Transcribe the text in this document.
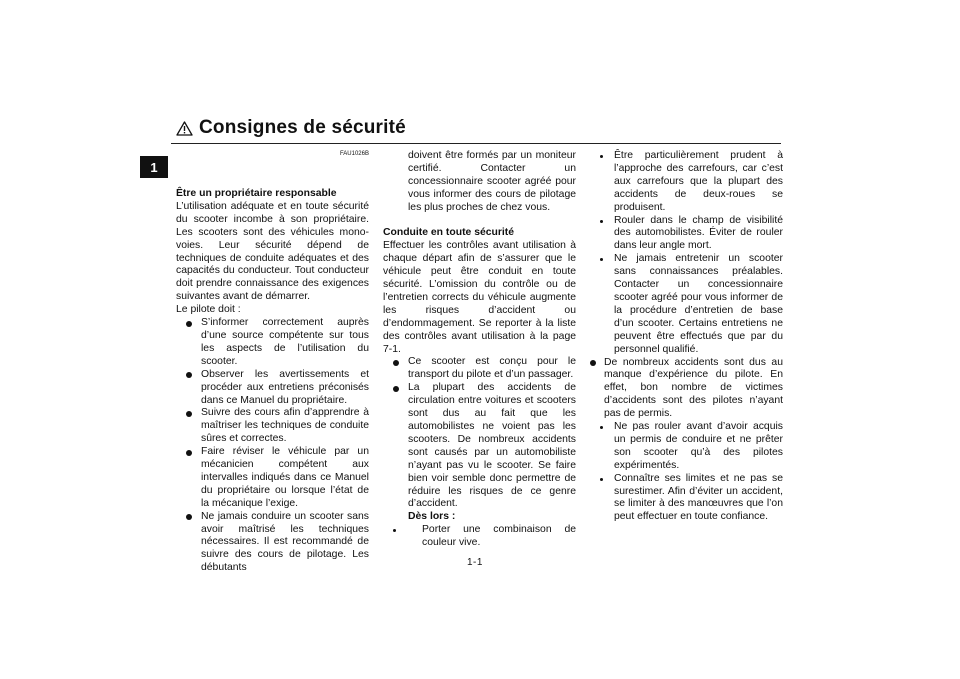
Consignes de sécurité
1
FAU1026B

Être un propriétaire responsable

L’utilisation adéquate et en toute sécurité du scooter incombe à son propriétaire. Les scooters sont des véhicules mono-voies. Leur sécurité dépend de techniques de conduite adéquates et des capacités du conducteur. Tout conducteur doit prendre connaissance des exigences suivantes avant de démarrer.

Le pilote doit :

S’informer correctement auprès d’une source compétente sur tous les aspects de l’utilisation du scooter.
Observer les avertissements et procéder aux entretiens préconisés dans ce Manuel du propriétaire.
Suivre des cours afin d’apprendre à maîtriser les techniques de conduite sûres et correctes.
Faire réviser le véhicule par un mécanicien compétent aux intervalles indiqués dans ce Manuel du propriétaire ou lorsque l’état de la mécanique l’exige.
Ne jamais conduire un scooter sans avoir maîtrisé les techniques nécessaires. Il est recommandé de suivre des cours de pilotage. Les débutants

doivent être formés par un moniteur certifié. Contacter un concessionnaire scooter agréé pour vous informer des cours de pilotage les plus proches de chez vous.

Conduite en toute sécurité

Effectuer les contrôles avant utilisation à chaque départ afin de s’assurer que le véhicule peut être conduit en toute sécurité. L’omission du contrôle ou de l’entretien corrects du véhicule augmente les risques d’accident ou d’endommagement. Se reporter à la liste des contrôles avant utilisation à la page 7-1.

Ce scooter est conçu pour le transport du pilote et d’un passager.
La plupart des accidents de circulation entre voitures et scooters sont dus au fait que les automobilistes ne voient pas les scooters. De nombreux accidents sont causés par un automobiliste n’ayant pas vu le scooter. Se faire bien voir semble donc permettre de réduire les risques de ce genre d’accident.
Dès lors :
Porter une combinaison de couleur vive.
Être particulièrement prudent à l’approche des carrefours, car c’est aux carrefours que la plupart des accidents de deux-roues se produisent.
Rouler dans le champ de visibilité des automobilistes. Éviter de rouler dans leur angle mort.
Ne jamais entretenir un scooter sans connaissances préalables. Contacter un concessionnaire scooter agréé pour vous informer de la procédure d’entretien de base d’un scooter. Certains entretiens ne peuvent être effectués que par du personnel qualifié.
De nombreux accidents sont dus au manque d’expérience du pilote. En effet, bon nombre de victimes d’accidents sont des pilotes n’ayant pas de permis.
Ne pas rouler avant d’avoir acquis un permis de conduire et ne prêter son scooter qu’à des pilotes expérimentés.
Connaître ses limites et ne pas se surestimer. Afin d’éviter un accident, se limiter à des manœuvres que l’on peut effectuer en toute confiance.
1-1
